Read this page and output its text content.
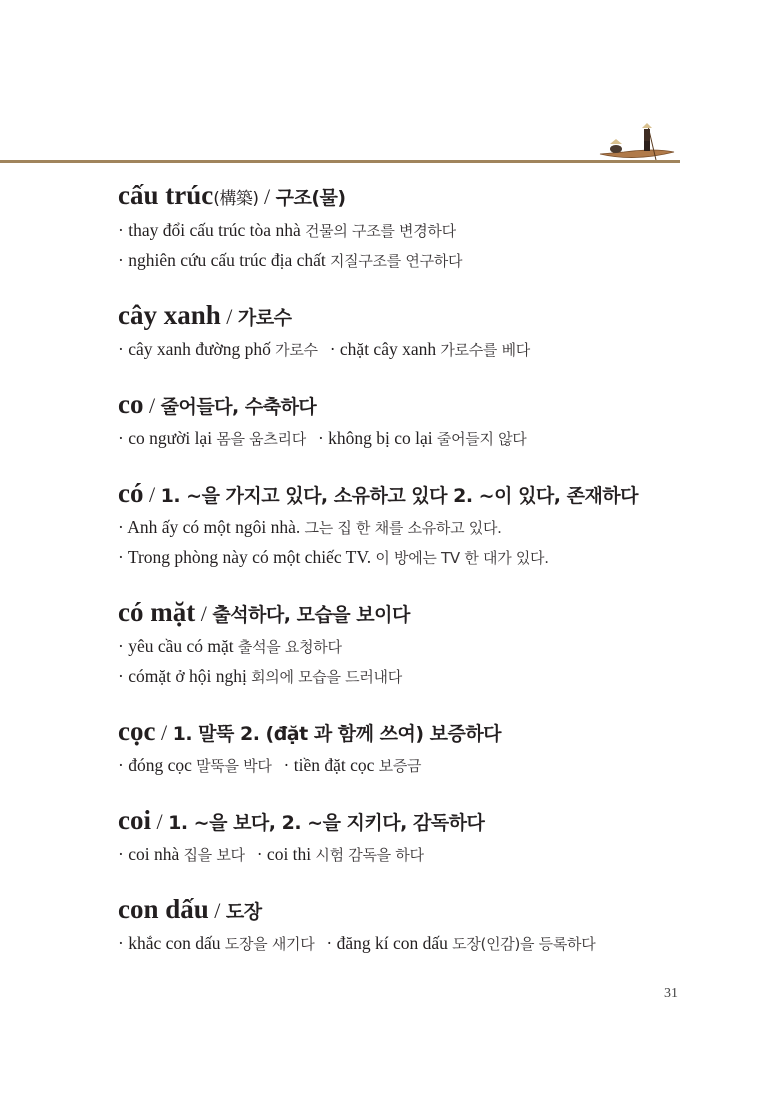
cấu trúc(構築) / 구조(물)
· thay đổi cấu trúc tòa nhà 건물의 구조를 변경하다
· nghiên cứu cấu trúc địa chất 지질구조를 연구하다
cây xanh / 가로수
· cây xanh đường phố 가로수 · chặt cây xanh 가로수를 베다
co / 줄어들다, 수축하다
· co người lại 몸을 움츠리다 · không bị co lại 줄어들지 않다
có / 1. ~을 가지고 있다, 소유하고 있다 2. ~이 있다, 존재하다
· Anh ấy có một ngôi nhà. 그는 집 한 채를 소유하고 있다.
· Trong phòng này có một chiếc TV. 이 방에는 TV 한 대가 있다.
có mặt / 출석하다, 모습을 보이다
· yêu cầu có mặt 출석을 요청하다
· cómặt ở hội nghị 회의에 모습을 드러내다
cọc / 1. 말뚝 2. (đặt 과 함께 쓰여) 보증하다
· đóng cọc 말뚝을 박다 · tiền đặt cọc 보증금
coi / 1. ~을 보다, 2. ~을 지키다, 감독하다
· coi nhà 집을 보다 · coi thi 시험 감독을 하다
con dấu / 도장
· khắc con dấu 도장을 새기다 · đăng kí con dấu 도장(인감)을 등록하다
31
